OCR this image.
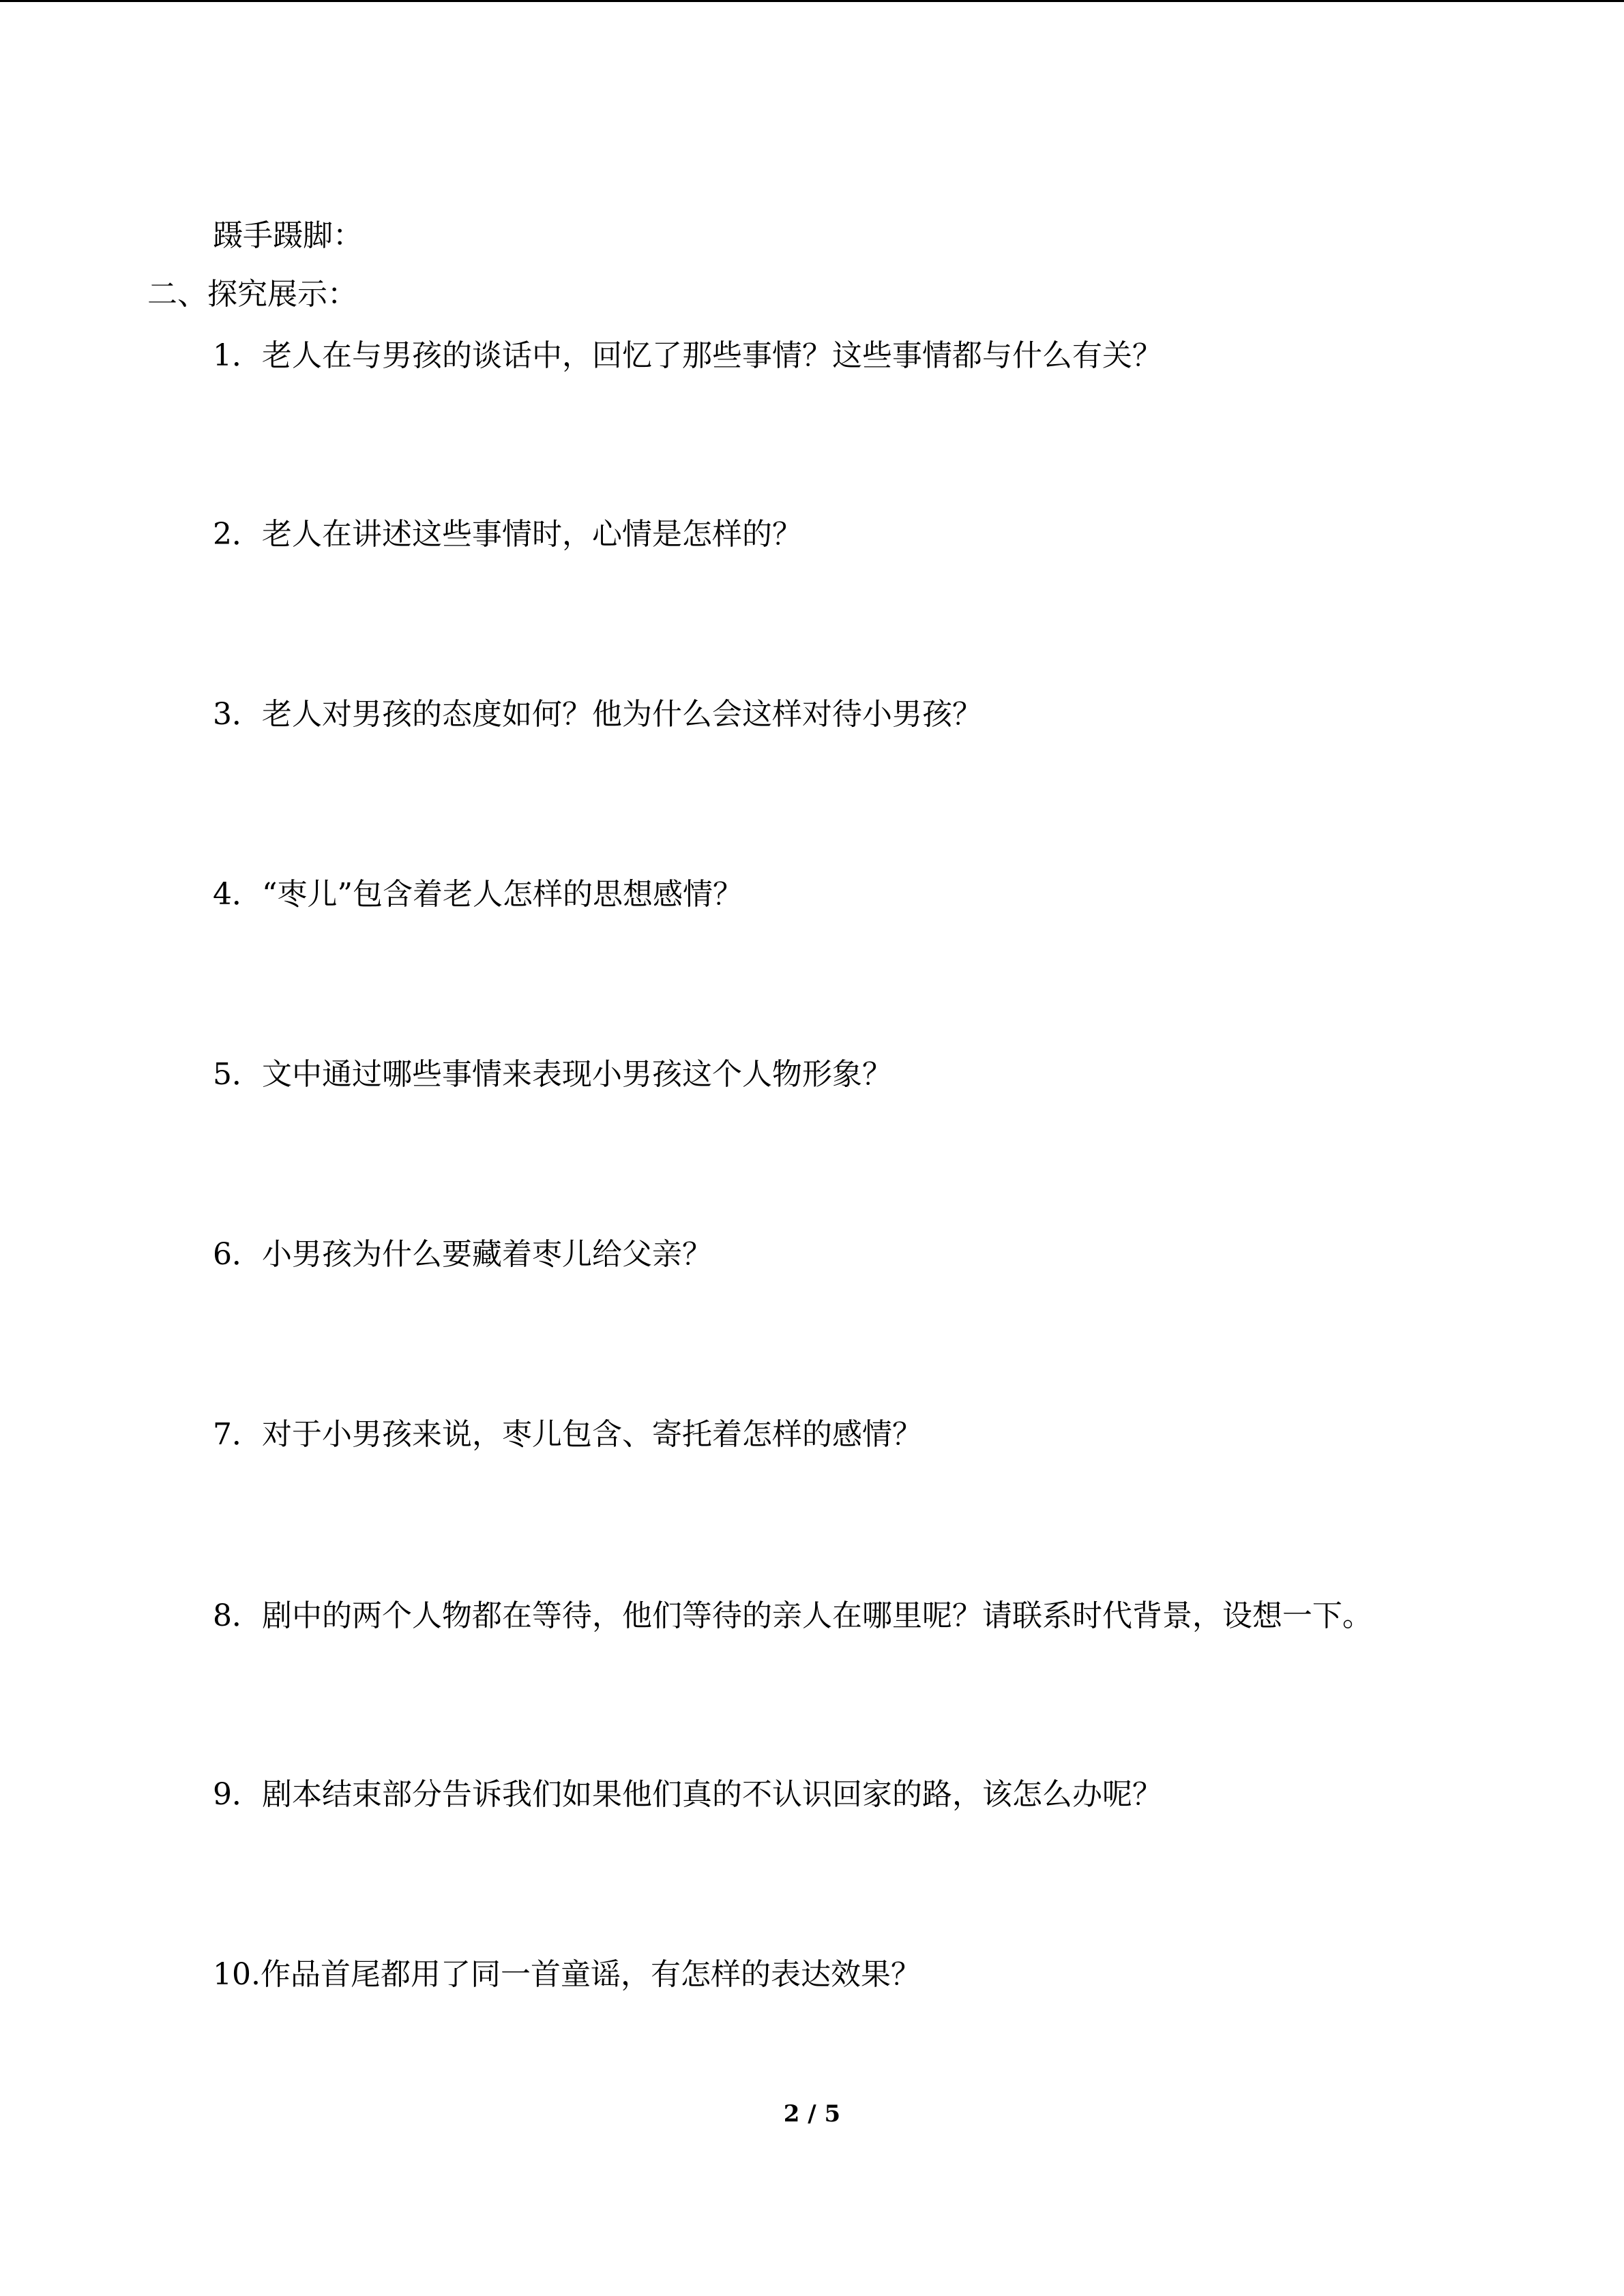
蹑手蹑脚：

二、探究展示：

1．老人在与男孩的谈话中，回忆了那些事情？这些事情都与什么有关？

2．老人在讲述这些事情时，心情是怎样的？

3．老人对男孩的态度如何？他为什么会这样对待小男孩？

4．“枣儿”包含着老人怎样的思想感情？

5．文中通过哪些事情来表现小男孩这个人物形象？

6．小男孩为什么要藏着枣儿给父亲？

7．对于小男孩来说，枣儿包含、寄托着怎样的感情？

8．剧中的两个人物都在等待，他们等待的亲人在哪里呢？请联系时代背景，设想一下。

9．剧本结束部分告诉我们如果他们真的不认识回家的路，该怎么办呢？

10.作品首尾都用了同一首童谣，有怎样的表达效果？

2 / 5
